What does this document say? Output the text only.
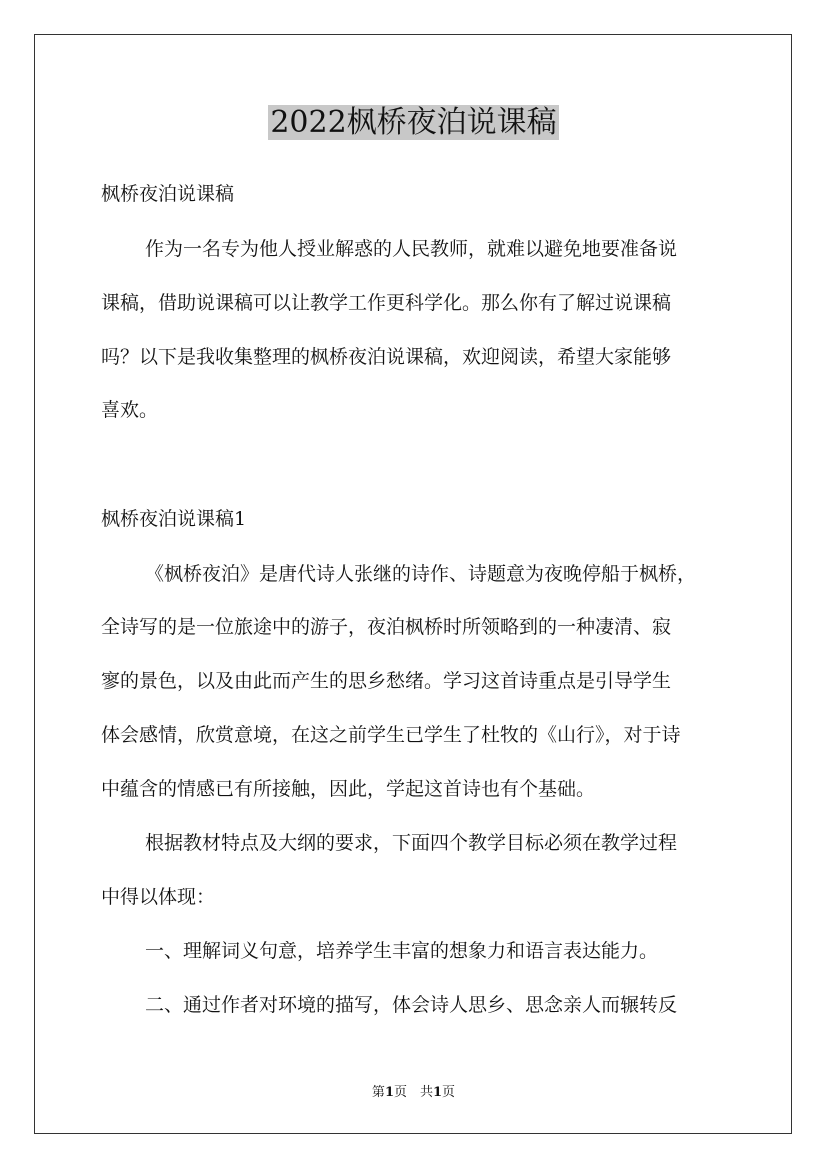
2022枫桥夜泊说课稿
枫桥夜泊说课稿
作为一名专为他人授业解惑的人民教师，就难以避免地要准备说
课稿，借助说课稿可以让教学工作更科学化。那么你有了解过说课稿
吗？以下是我收集整理的枫桥夜泊说课稿，欢迎阅读，希望大家能够
喜欢。
枫桥夜泊说课稿1
《枫桥夜泊》是唐代诗人张继的诗作、诗题意为夜晚停船于枫桥，
全诗写的是一位旅途中的游子，夜泊枫桥时所领略到的一种凄清、寂
寥的景色，以及由此而产生的思乡愁绪。学习这首诗重点是引导学生
体会感情，欣赏意境，在这之前学生已学生了杜牧的《山行》，对于诗
中蕴含的情感已有所接触，因此，学起这首诗也有个基础。
根据教材特点及大纲的要求，下面四个教学目标必须在教学过程
中得以体现：
一、理解词义句意，培养学生丰富的想象力和语言表达能力。
二、通过作者对环境的描写，体会诗人思乡、思念亲人而辗转反
第1页　共1页
